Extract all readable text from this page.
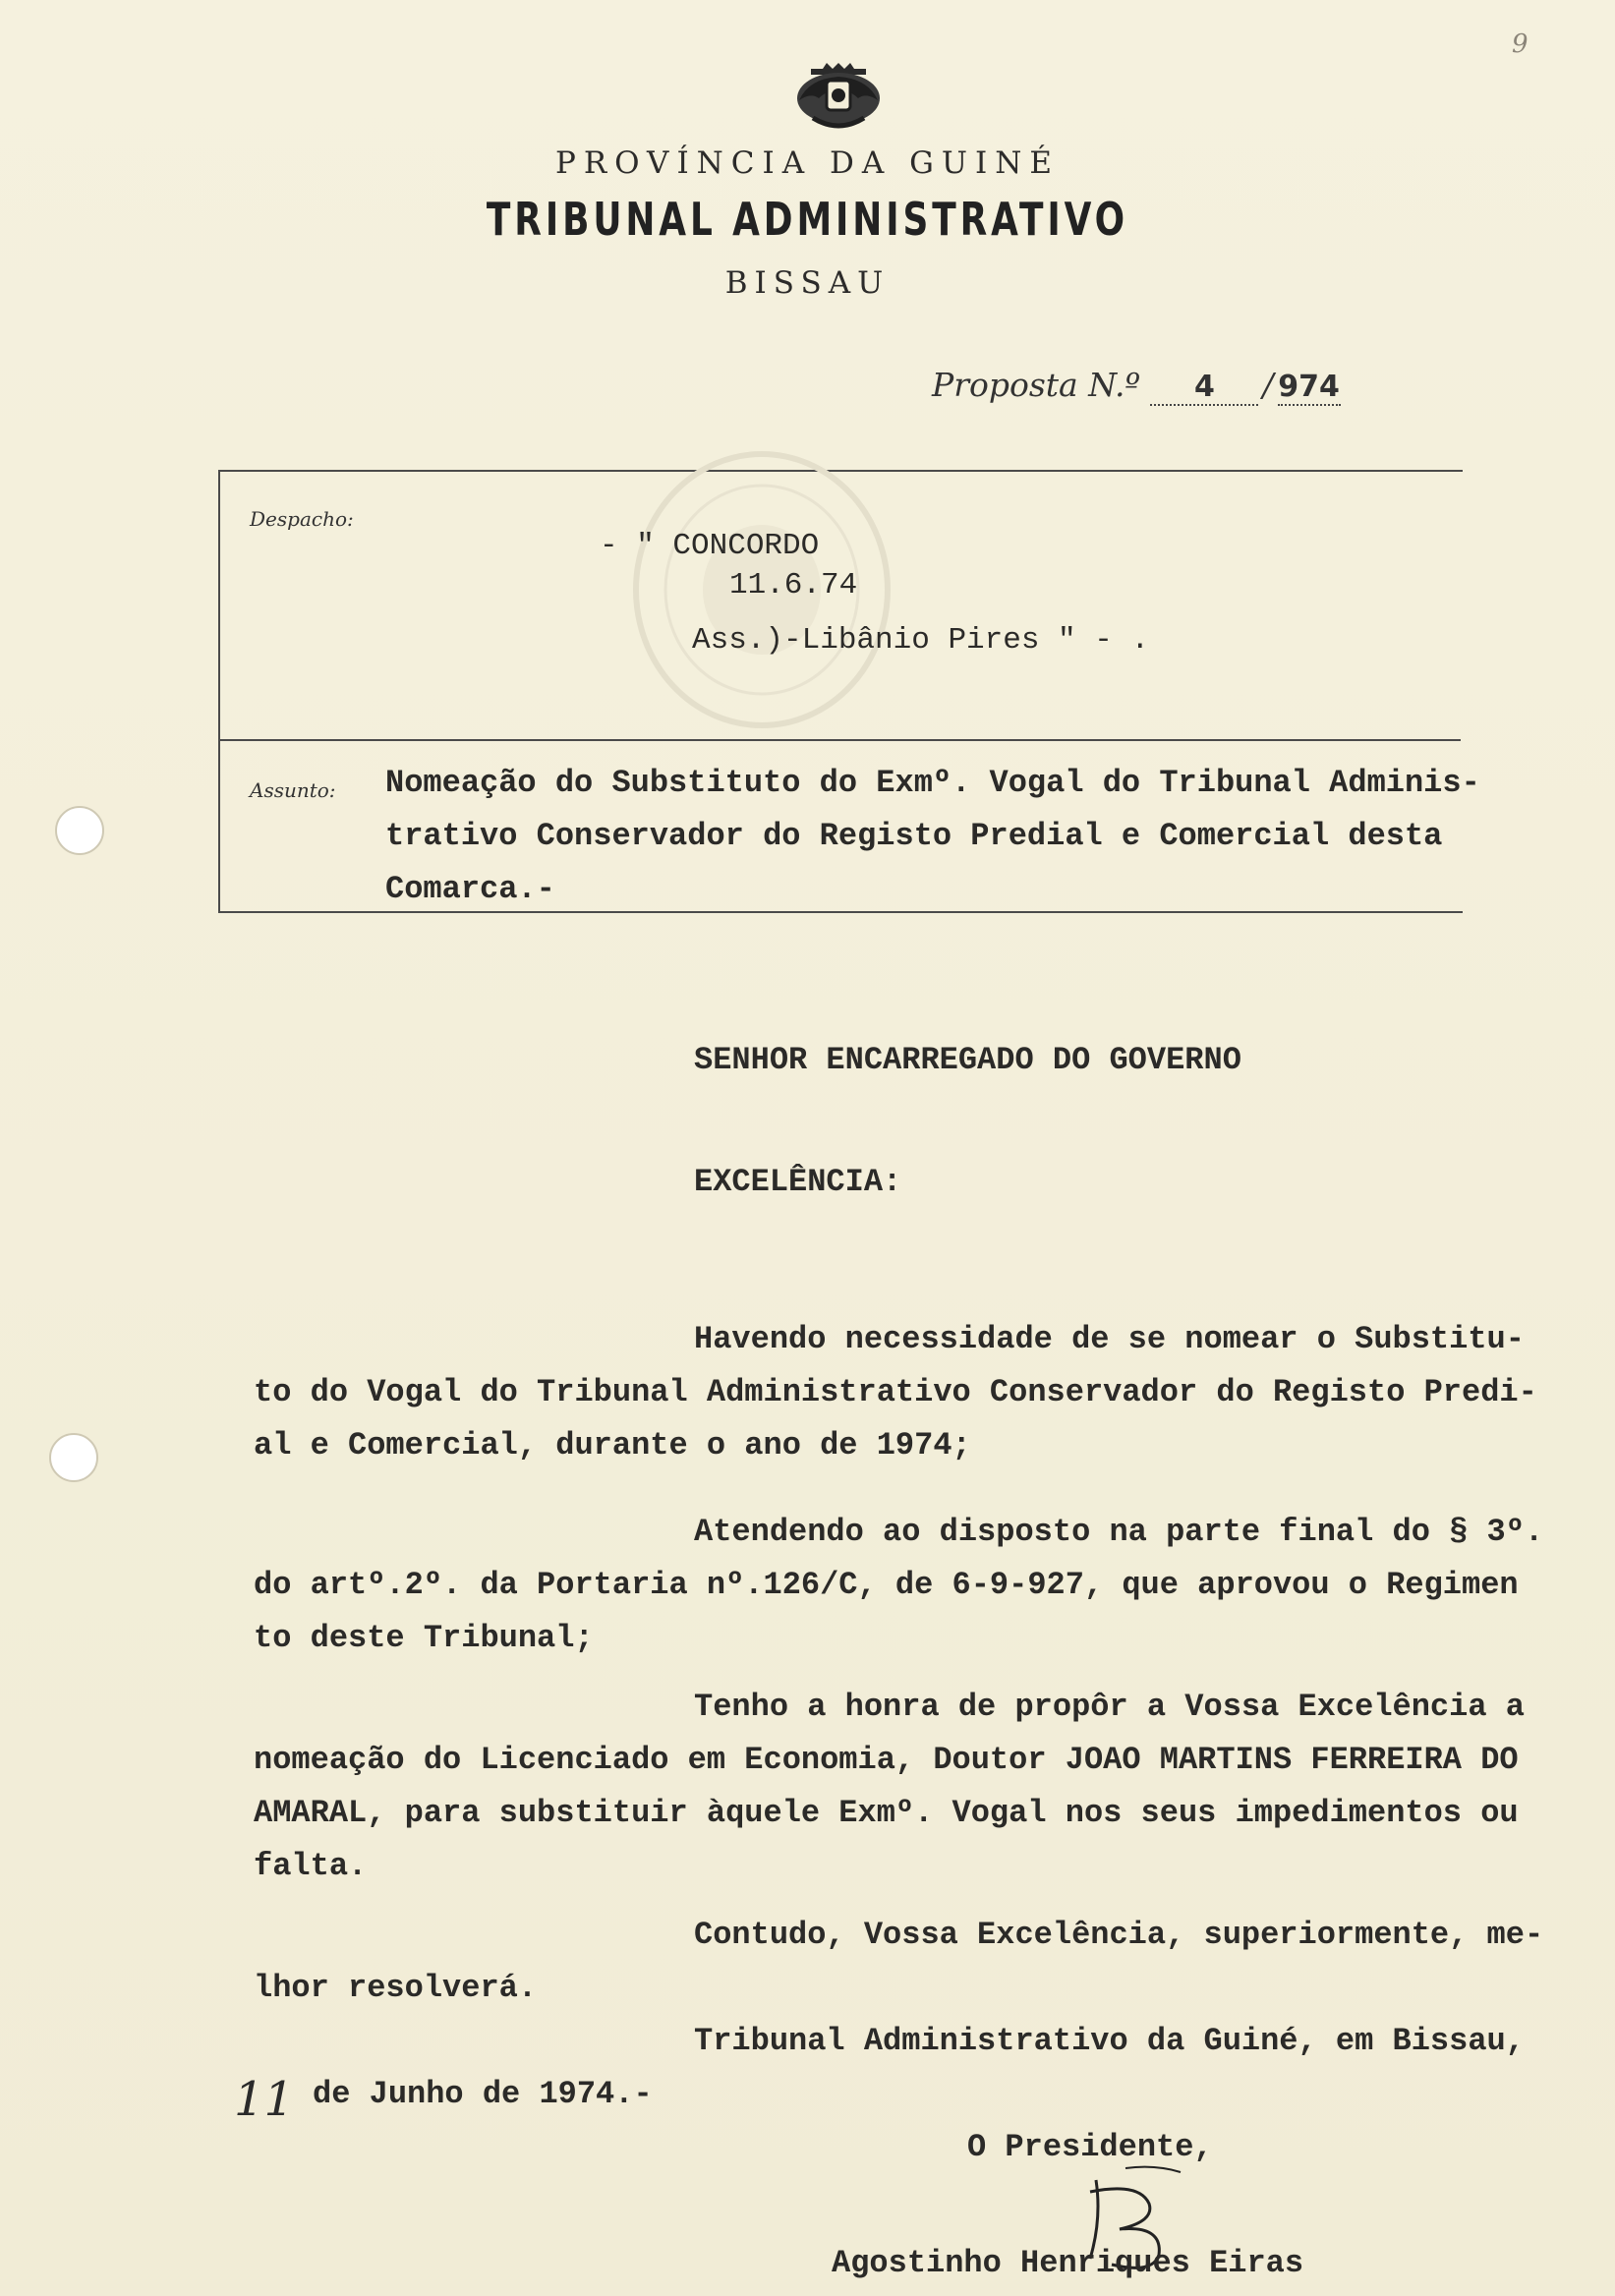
9
PROVÍNCIA DA GUINÉ
TRIBUNAL ADMINISTRATIVO
BISSAU
Proposta N.º 4 / 974
Despacho:
- " CONCORDO
11.6.74
Ass.)-Libânio Pires " - .
Assunto: Nomeação do Substituto do Exmº. Vogal do Tribunal Adminis-
trativo Conservador do Registo Predial e Comercial desta
Comarca.-
SENHOR ENCARREGADO DO GOVERNO
EXCELÊNCIA:
Havendo necessidade de se nomear o Substitu-
to do Vogal do Tribunal Administrativo Conservador do Registo Predi-
al e Comercial, durante o ano de 1974;
Atendendo ao disposto na parte final do § 3º.
do artº.2º. da Portaria nº.126/C, de 6-9-927, que aprovou o Regimen
to deste Tribunal;
Tenho a honra de propôr a Vossa Excelência a
nomeação do Licenciado em Economia, Doutor JOAO MARTINS FERREIRA DO
AMARAL, para substituir àquele Exmº. Vogal nos seus impedimentos ou
falta.
Contudo, Vossa Excelência, superiormente, me-
lhor resolverá.
Tribunal Administrativo da Guiné, em Bissau,
11 de Junho de 1974.-
O Presidente,
Agostinho Henriques Eiras
